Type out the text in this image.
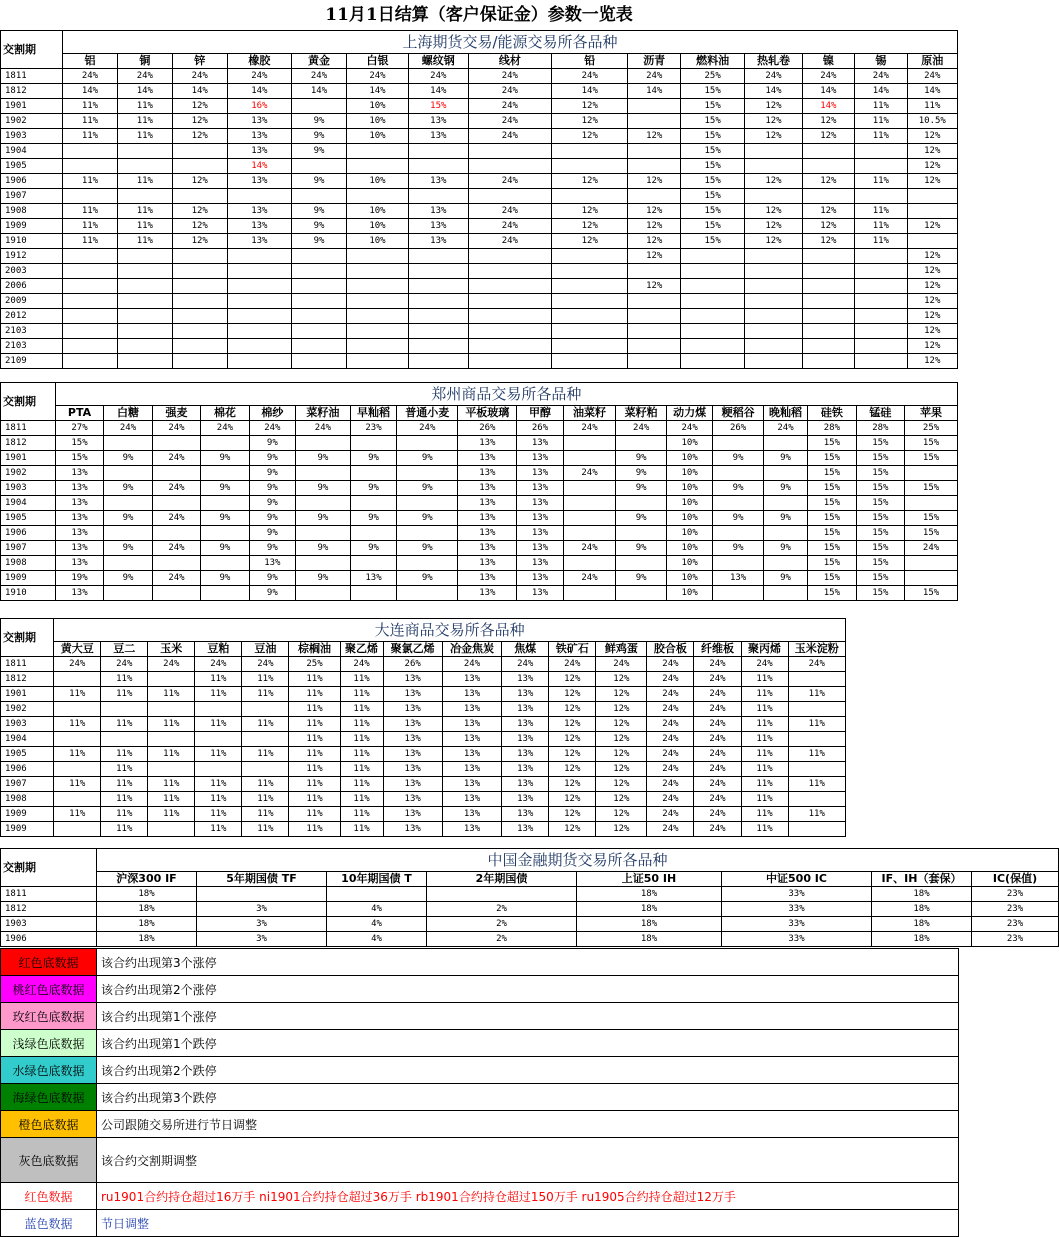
11月1日结算（客户保证金）参数一览表
交割期	上海期货交易/能源交易所各品种														
	铝	铜	锌	橡胶	黄金	白银	螺纹钢	线材	铅	沥青	燃料油	热轧卷	镍	锡	原油
1811	24%	24%	24%	24%	24%	24%	24%	24%	24%	24%	25%	24%	24%	24%	24%
1812	14%	14%	14%	14%	14%	14%	14%	24%	14%	14%	15%	14%	14%	14%	14%
1901	11%	11%	12%	16%		10%	15%	24%	12%		15%	12%	14%	11%	11%
1902	11%	11%	12%	13%	9%	10%	13%	24%	12%		15%	12%	12%	11%	10.5%
1903	11%	11%	12%	13%	9%	10%	13%	24%	12%	12%	15%	12%	12%	11%	12%
1904				13%	9%						15%				12%
1905				14%							15%				12%
1906	11%	11%	12%	13%	9%	10%	13%	24%	12%	12%	15%	12%	12%	11%	12%
1907											15%				
1908	11%	11%	12%	13%	9%	10%	13%	24%	12%	12%	15%	12%	12%	11%	
1909	11%	11%	12%	13%	9%	10%	13%	24%	12%	12%	15%	12%	12%	11%	12%
1910	11%	11%	12%	13%	9%	10%	13%	24%	12%	12%	15%	12%	12%	11%	
1912										12%					12%
2003															12%
2006										12%					12%
2009															12%
2012															12%
2103															12%
2103															12%
2109															12%
交割期	郑州商品交易所各品种																	
	PTA	白糖	强麦	棉花	棉纱	菜籽油	早籼稻	普通小麦	平板玻璃	甲醇	油菜籽	菜籽粕	动力煤	粳稻谷	晚籼稻	硅铁	锰硅	苹果
1811	27%	24%	24%	24%	24%	24%	23%	24%	26%	26%	24%	24%	24%	26%	24%	28%	28%	25%
1812	15%				9%				13%	13%			10%			15%	15%	15%
1901	15%	9%	24%	9%	9%	9%	9%	9%	13%	13%		9%	10%	9%	9%	15%	15%	15%
1902	13%				9%				13%	13%	24%	9%	10%			15%	15%	
1903	13%	9%	24%	9%	9%	9%	9%	9%	13%	13%		9%	10%	9%	9%	15%	15%	15%
1904	13%				9%				13%	13%			10%			15%	15%	
1905	13%	9%	24%	9%	9%	9%	9%	9%	13%	13%		9%	10%	9%	9%	15%	15%	15%
1906	13%				9%				13%	13%			10%			15%	15%	15%
1907	13%	9%	24%	9%	9%	9%	9%	9%	13%	13%	24%	9%	10%	9%	9%	15%	15%	24%
1908	13%				13%				13%	13%			10%			15%	15%	
1909	19%	9%	24%	9%	9%	9%	13%	9%	13%	13%	24%	9%	10%	13%	9%	15%	15%	
1910	13%				9%				13%	13%			10%			15%	15%	15%
交割期	大连商品交易所各品种															
	黄大豆	豆二	玉米	豆粕	豆油	棕榈油	聚乙烯	聚氯乙烯	冶金焦炭	焦煤	铁矿石	鲜鸡蛋	胶合板	纤维板	聚丙烯	玉米淀粉
1811	24%	24%	24%	24%	24%	25%	24%	26%	24%	24%	24%	24%	24%	24%	24%	24%
1812		11%		11%	11%	11%	11%	13%	13%	13%	12%	12%	24%	24%	11%	
1901	11%	11%	11%	11%	11%	11%	11%	13%	13%	13%	12%	12%	24%	24%	11%	11%
1902						11%	11%	13%	13%	13%	12%	12%	24%	24%	11%	
1903	11%	11%	11%	11%	11%	11%	11%	13%	13%	13%	12%	12%	24%	24%	11%	11%
1904						11%	11%	13%	13%	13%	12%	12%	24%	24%	11%	
1905	11%	11%	11%	11%	11%	11%	11%	13%	13%	13%	12%	12%	24%	24%	11%	11%
1906		11%				11%	11%	13%	13%	13%	12%	12%	24%	24%	11%	
1907	11%	11%	11%	11%	11%	11%	11%	13%	13%	13%	12%	12%	24%	24%	11%	11%
1908		11%	11%	11%	11%	11%	11%	13%	13%	13%	12%	12%	24%	24%	11%	
1909	11%	11%	11%	11%	11%	11%	11%	13%	13%	13%	12%	12%	24%	24%	11%	11%
1909		11%		11%	11%	11%	11%	13%	13%	13%	12%	12%	24%	24%	11%	
交割期	中国金融期货交易所各品种							
	沪深300 IF	5年期国债 TF	10年期国债 T	2年期国债	上证50 IH	中证500 IC	IF、IH（套保）	IC(保值)
1811	18%				18%	33%	18%	23%
1812	18%	3%	4%	2%	18%	33%	18%	23%
1903	18%	3%	4%	2%	18%	33%	18%	23%
1906	18%	3%	4%	2%	18%	33%	18%	23%
红色底数据	该合约出现第3个涨停
桃红色底数据	该合约出现第2个涨停
玫红色底数据	该合约出现第1个涨停
浅绿色底数据	该合约出现第1个跌停
水绿色底数据	该合约出现第2个跌停
海绿色底数据	该合约出现第3个跌停
橙色底数据	公司跟随交易所进行节日调整
灰色底数据	该合约交割期调整
红色数据	ru1901合约持仓超过16万手 ni1901合约持仓超过36万手 rb1901合约持仓超过150万手 ru1905合约持仓超过12万手
蓝色数据	节日调整
